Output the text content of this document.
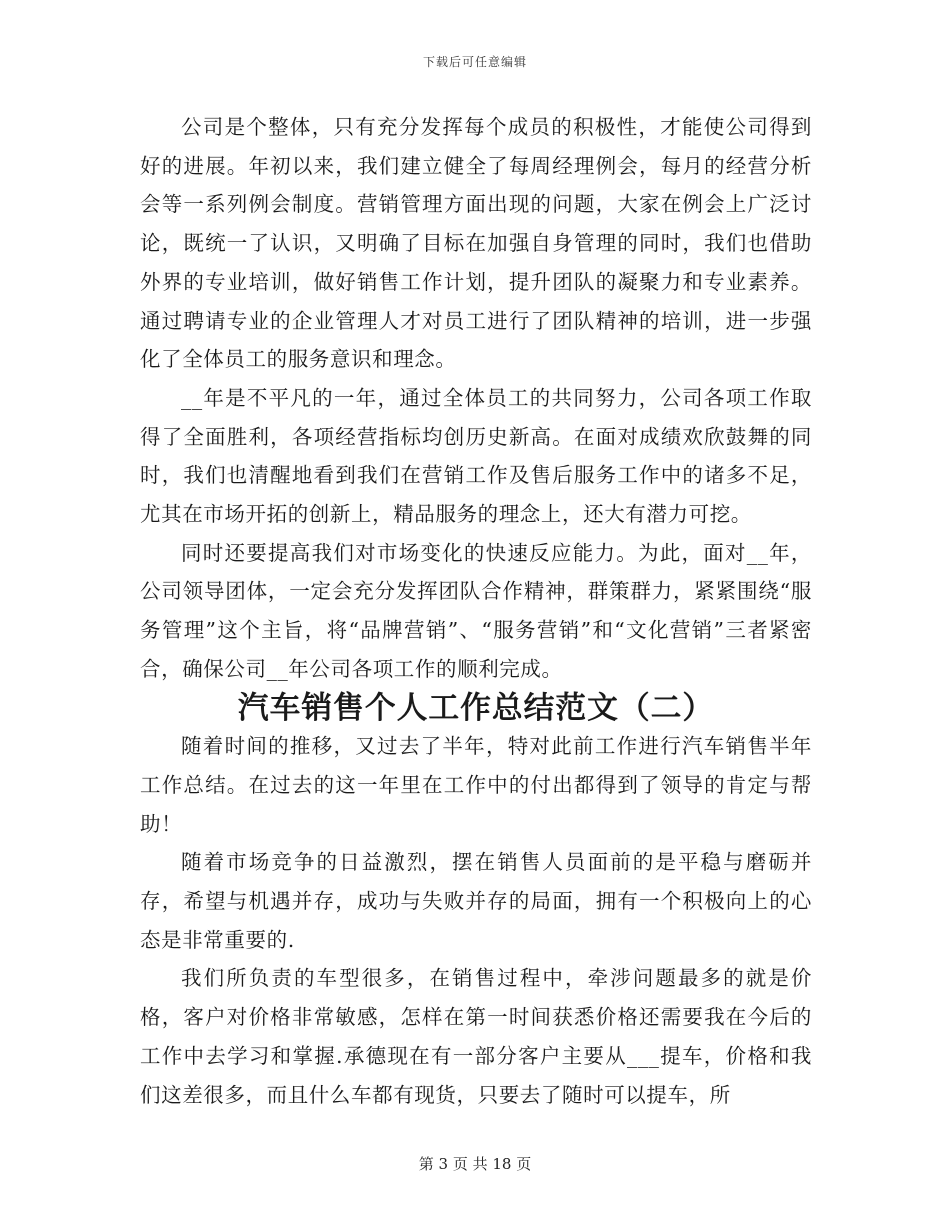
下载后可任意编辑

公司是个整体，只有充分发挥每个成员的积极性，才能使公司得到好的进展。年初以来，我们建立健全了每周经理例会，每月的经营分析会等一系列例会制度。营销管理方面出现的问题，大家在例会上广泛讨论，既统一了认识，又明确了目标在加强自身管理的同时，我们也借助外界的专业培训，做好销售工作计划，提升团队的凝聚力和专业素养。通过聘请专业的企业管理人才对员工进行了团队精神的培训，进一步强化了全体员工的服务意识和理念。

__年是不平凡的一年，通过全体员工的共同努力，公司各项工作取得了全面胜利，各项经营指标均创历史新高。在面对成绩欢欣鼓舞的同时，我们也清醒地看到我们在营销工作及售后服务工作中的诸多不足，尤其在市场开拓的创新上，精品服务的理念上，还大有潜力可挖。

同时还要提高我们对市场变化的快速反应能力。为此，面对__年，公司领导团体，一定会充分发挥团队合作精神，群策群力，紧紧围绕“服务管理”这个主旨，将“品牌营销”、“服务营销”和“文化营销”三者紧密合，确保公司__年公司各项工作的顺利完成。

汽车销售个人工作总结范文（二）

随着时间的推移，又过去了半年，特对此前工作进行汽车销售半年工作总结。在过去的这一年里在工作中的付出都得到了领导的肯定与帮助！

随着市场竞争的日益激烈，摆在销售人员面前的是平稳与磨砺并存，希望与机遇并存，成功与失败并存的局面，拥有一个积极向上的心态是非常重要的.

我们所负责的车型很多，在销售过程中，牵涉问题最多的就是价格，客户对价格非常敏感，怎样在第一时间获悉价格还需要我在今后的工作中去学习和掌握.承德现在有一部分客户主要从___提车，价格和我们这差很多，而且什么车都有现货，只要去了随时可以提车，所

第 3 页 共 18 页
